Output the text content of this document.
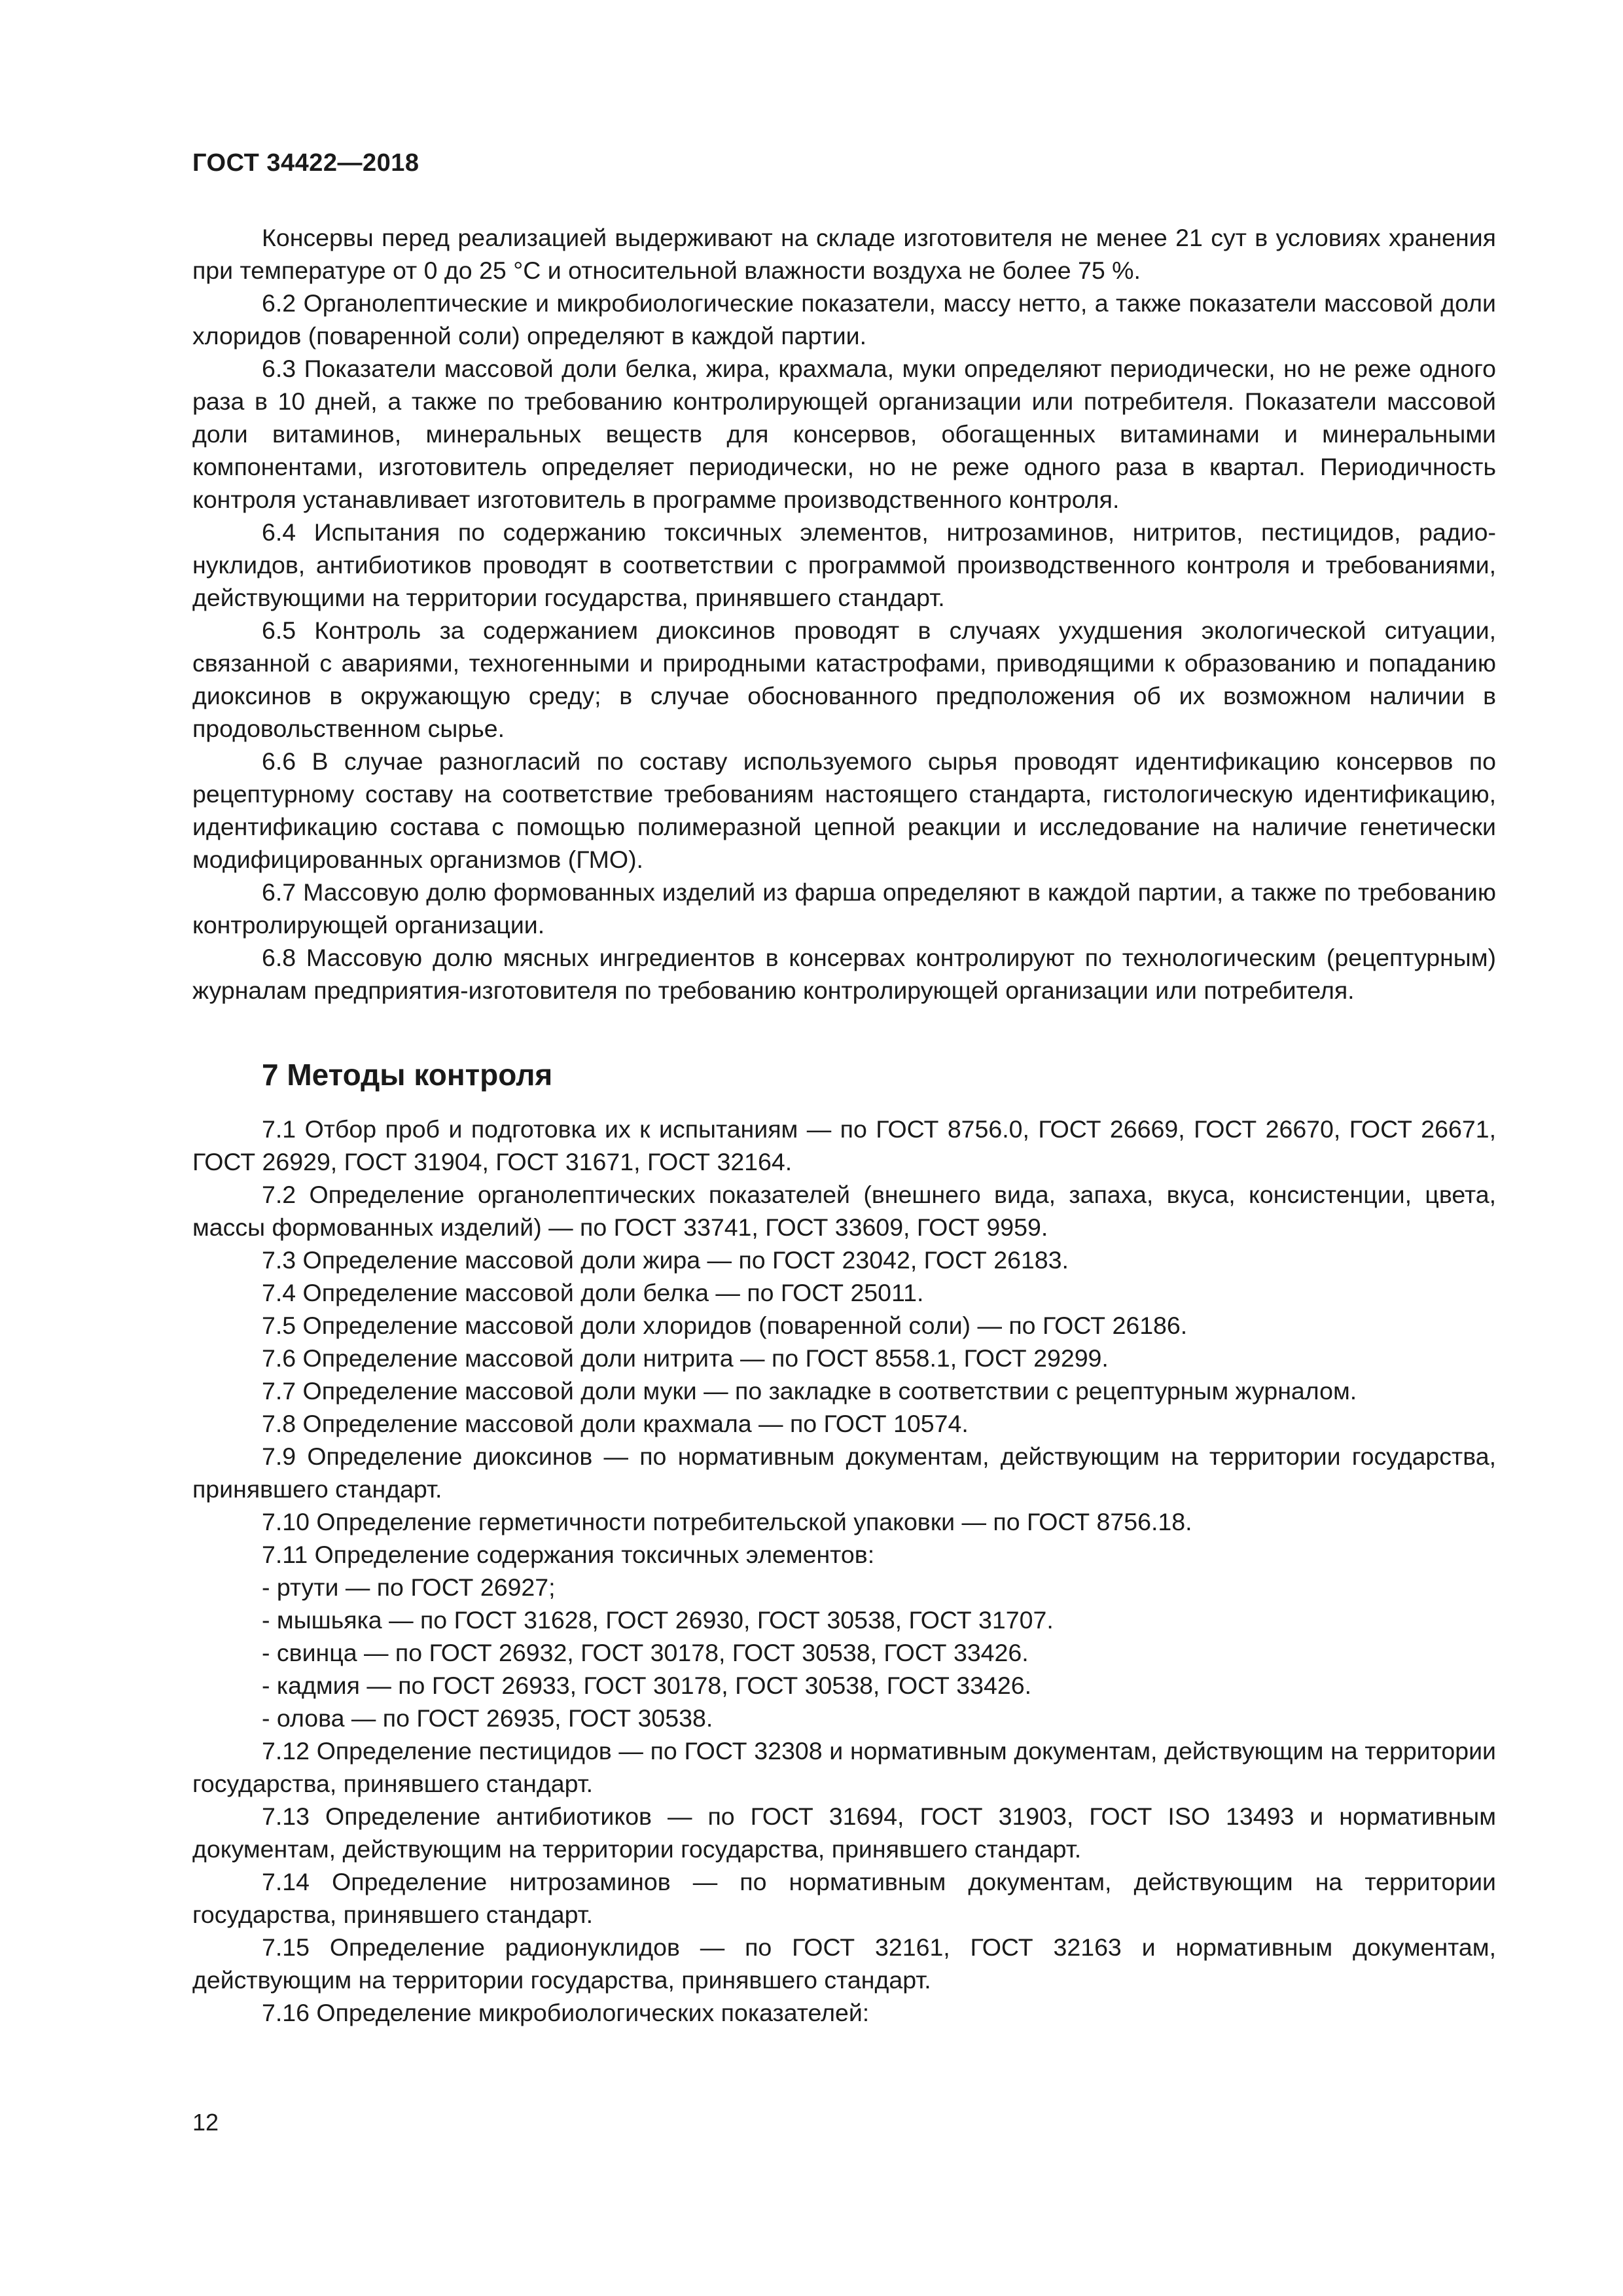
ГОСТ 34422—2018

Консервы перед реализацией выдерживают на складе изготовителя не менее 21 сут в условиях хранения при температуре от 0 до 25 °С и относительной влажности воздуха не более 75 %.

6.2 Органолептические и микробиологические показатели, массу нетто, а также показатели массовой доли хлоридов (поваренной соли) определяют в каждой партии.

6.3 Показатели массовой доли белка, жира, крахмала, муки определяют периодически, но не реже одного раза в 10 дней, а также по требованию контролирующей организации или потребителя. Показатели массовой доли витаминов, минеральных веществ для консервов, обогащенных витаминами и минеральными компонентами, изготовитель определяет периодически, но не реже одного раза в квартал. Периодичность контроля устанавливает изготовитель в программе производственного контроля.

6.4 Испытания по содержанию токсичных элементов, нитрозаминов, нитритов, пестицидов, радионуклидов, антибиотиков проводят в соответствии с программой производственного контроля и требованиями, действующими на территории государства, принявшего стандарт.

6.5 Контроль за содержанием диоксинов проводят в случаях ухудшения экологической ситуации, связанной с авариями, техногенными и природными катастрофами, приводящими к образованию и попаданию диоксинов в окружающую среду; в случае обоснованного предположения об их возможном наличии в продовольственном сырье.

6.6 В случае разногласий по составу используемого сырья проводят идентификацию консервов по рецептурному составу на соответствие требованиям настоящего стандарта, гистологическую идентификацию, идентификацию состава с помощью полимеразной цепной реакции и исследование на наличие генетически модифицированных организмов (ГМО).

6.7 Массовую долю формованных изделий из фарша определяют в каждой партии, а также по требованию контролирующей организации.

6.8 Массовую долю мясных ингредиентов в консервах контролируют по технологическим (рецептурным) журналам предприятия-изготовителя по требованию контролирующей организации или потребителя.

7 Методы контроля

7.1 Отбор проб и подготовка их к испытаниям — по ГОСТ 8756.0, ГОСТ 26669, ГОСТ 26670, ГОСТ 26671, ГОСТ 26929, ГОСТ 31904, ГОСТ 31671, ГОСТ 32164.

7.2 Определение органолептических показателей (внешнего вида, запаха, вкуса, консистенции, цвета, массы формованных изделий) — по ГОСТ 33741, ГОСТ 33609, ГОСТ 9959.

7.3 Определение массовой доли жира — по ГОСТ 23042, ГОСТ 26183.

7.4 Определение массовой доли белка — по ГОСТ 25011.

7.5 Определение массовой доли хлоридов (поваренной соли) — по ГОСТ 26186.

7.6 Определение массовой доли нитрита — по ГОСТ 8558.1, ГОСТ 29299.

7.7 Определение массовой доли муки — по закладке в соответствии с рецептурным журналом.

7.8 Определение массовой доли крахмала — по ГОСТ 10574.

7.9 Определение диоксинов — по нормативным документам, действующим на территории государства, принявшего стандарт.

7.10 Определение герметичности потребительской упаковки — по ГОСТ 8756.18.

7.11 Определение содержания токсичных элементов:

- ртути — по ГОСТ 26927;

- мышьяка — по ГОСТ 31628, ГОСТ 26930, ГОСТ 30538, ГОСТ 31707.

- свинца — по ГОСТ 26932, ГОСТ 30178, ГОСТ 30538, ГОСТ 33426.

- кадмия — по ГОСТ 26933, ГОСТ 30178, ГОСТ 30538, ГОСТ 33426.

- олова — по ГОСТ 26935, ГОСТ 30538.

7.12 Определение пестицидов — по ГОСТ 32308 и нормативным документам, действующим на территории государства, принявшего стандарт.

7.13 Определение антибиотиков — по ГОСТ 31694, ГОСТ 31903, ГОСТ ISO 13493 и нормативным документам, действующим на территории государства, принявшего стандарт.

7.14 Определение нитрозаминов — по нормативным документам, действующим на территории государства, принявшего стандарт.

7.15 Определение радионуклидов — по ГОСТ 32161, ГОСТ 32163 и нормативным документам, действующим на территории государства, принявшего стандарт.

7.16 Определение микробиологических показателей:

12
